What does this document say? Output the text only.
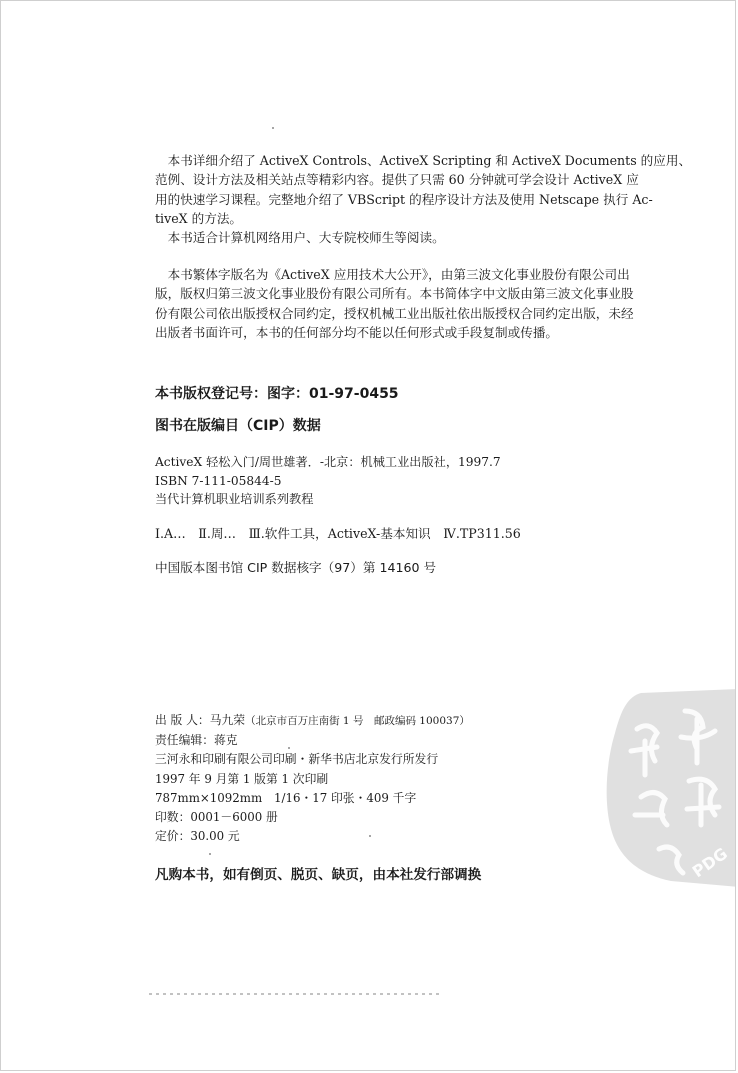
　本书详细介绍了 ActiveX Controls、ActiveX Scripting 和 ActiveX Documents 的应用、
范例、设计方法及相关站点等精彩内容。提供了只需 60 分钟就可学会设计 ActiveX 应
用的快速学习课程。完整地介绍了 VBScript 的程序设计方法及使用 Netscape 执行 Ac-
tiveX 的方法。
　本书适合计算机网络用户、大专院校师生等阅读。
　本书繁体字版名为《ActiveX 应用技术大公开》，由第三波文化事业股份有限公司出
版，版权归第三波文化事业股份有限公司所有。本书简体字中文版由第三波文化事业股
份有限公司依出版授权合同约定，授权机械工业出版社依出版授权合同约定出版，未经
出版者书面许可，本书的任何部分均不能以任何形式或手段复制或传播。
本书版权登记号：图字：01-97-0455
图书在版编目（CIP）数据
ActiveX 轻松入门/周世雄著．-北京：机械工业出版社，1997.7
ISBN 7-111-05844-5
当代计算机职业培训系列教程
Ⅰ.A…　Ⅱ.周…　Ⅲ.软件工具，ActiveX-基本知识　Ⅳ.TP311.56
中国版本图书馆 CIP 数据核字（97）第 14160 号
出 版 人：马九荣（北京市百万庄南街 1 号　邮政编码 100037）
责任编辑：蒋克
三河永和印刷有限公司印刷・新华书店北京发行所发行
1997 年 9 月第 1 版第 1 次印刷
787mm×1092mm　1/16・17 印张・409 千字
印数：0001－6000 册
定价：30.00 元
凡购本书，如有倒页、脱页、缺页，由本社发行部调换	PDG
